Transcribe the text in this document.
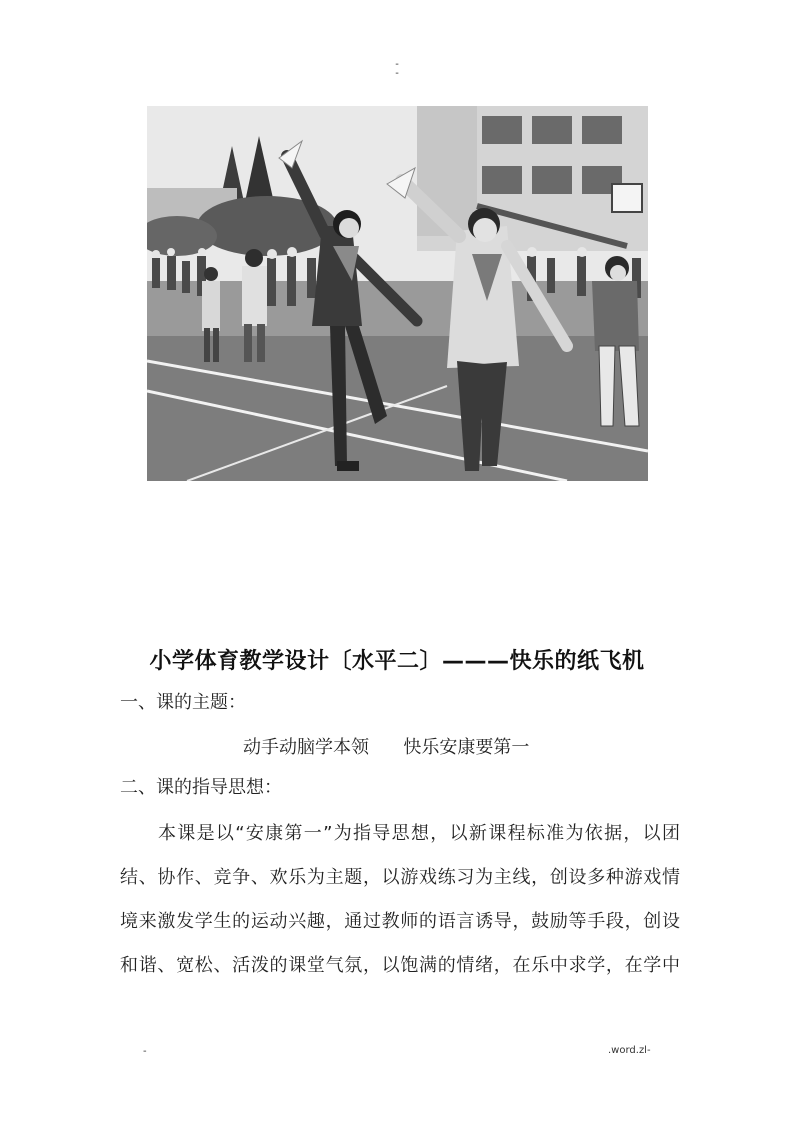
-
-
小学体育教学设计〔水平二〕———快乐的纸飞机
一、课的主题：
动手动脑学本领      快乐安康要第一
二、课的指导思想：
本课是以“安康第一”为指导思想，以新课程标准为依据，以团
结、协作、竞争、欢乐为主题，以游戏练习为主线，创设多种游戏情
境来激发学生的运动兴趣，通过教师的语言诱导，鼓励等手段，创设
和谐、宽松、活泼的课堂气氛，以饱满的情绪，在乐中求学，在学中
-	.word.zl-
